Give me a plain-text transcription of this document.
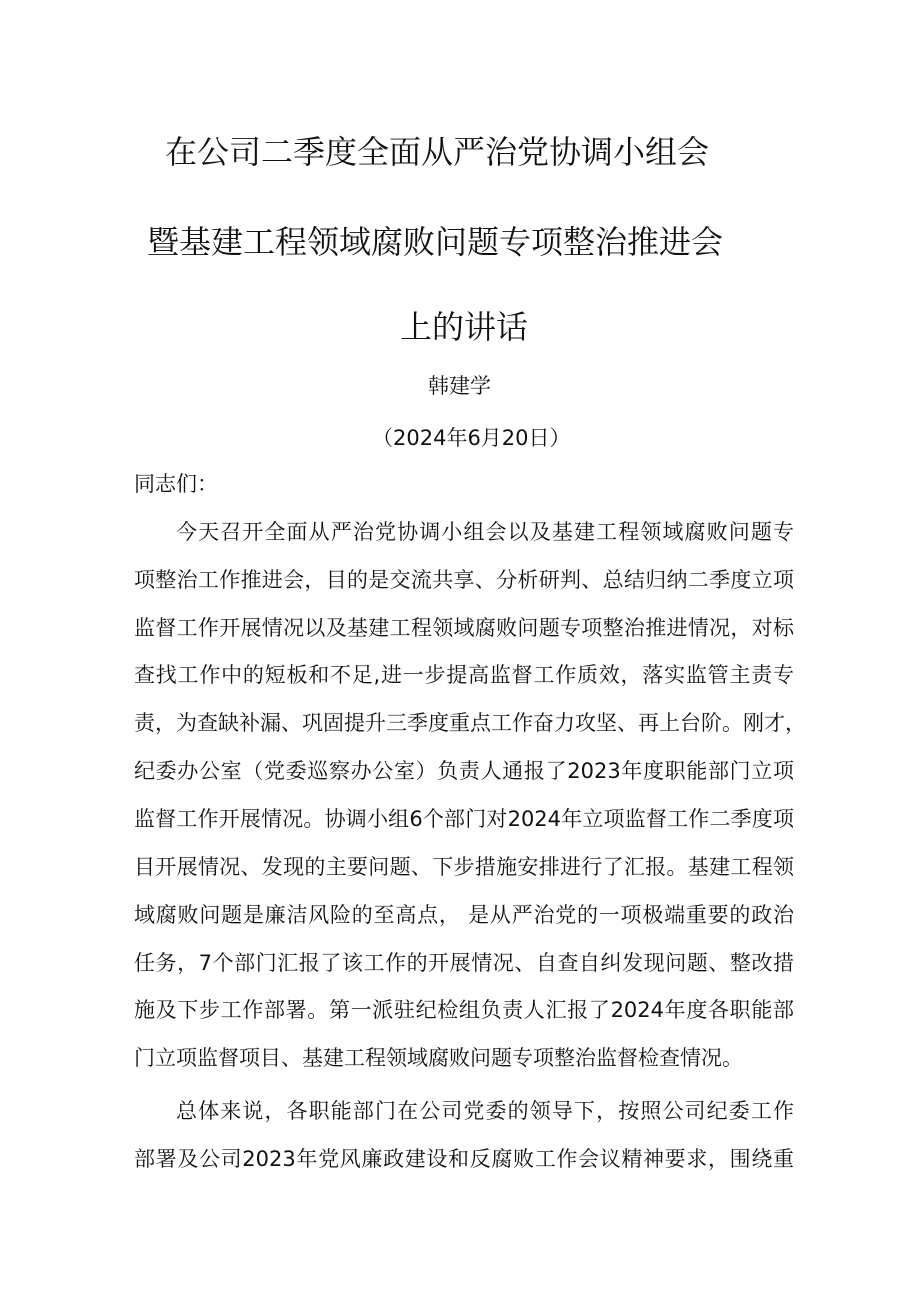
在公司二季度全面从严治党协调小组会
暨基建工程领域腐败问题专项整治推进会
上的讲话
韩建学
（2024年6月20日）
同志们：
今天召开全面从严治党协调小组会以及基建工程领域腐败问题专
项整治工作推进会，目的是交流共享、分析研判、总结归纳二季度立项
监督工作开展情况以及基建工程领域腐败问题专项整治推进情况，对标
查找工作中的短板和不足,进一步提高监督工作质效，落实监管主责专
责，为查缺补漏、巩固提升三季度重点工作奋力攻坚、再上台阶。刚才，
纪委办公室（党委巡察办公室）负责人通报了2023年度职能部门立项
监督工作开展情况。协调小组6个部门对2024年立项监督工作二季度项
目开展情况、发现的主要问题、下步措施安排进行了汇报。基建工程领
域腐败问题是廉洁风险的至高点， 是从严治党的一项极端重要的政治
任务，7个部门汇报了该工作的开展情况、自查自纠发现问题、整改措
施及下步工作部署。第一派驻纪检组负责人汇报了2024年度各职能部
门立项监督项目、基建工程领域腐败问题专项整治监督检查情况。
总体来说，各职能部门在公司党委的领导下，按照公司纪委工作
部署及公司2023年党风廉政建设和反腐败工作会议精神要求，围绕重
